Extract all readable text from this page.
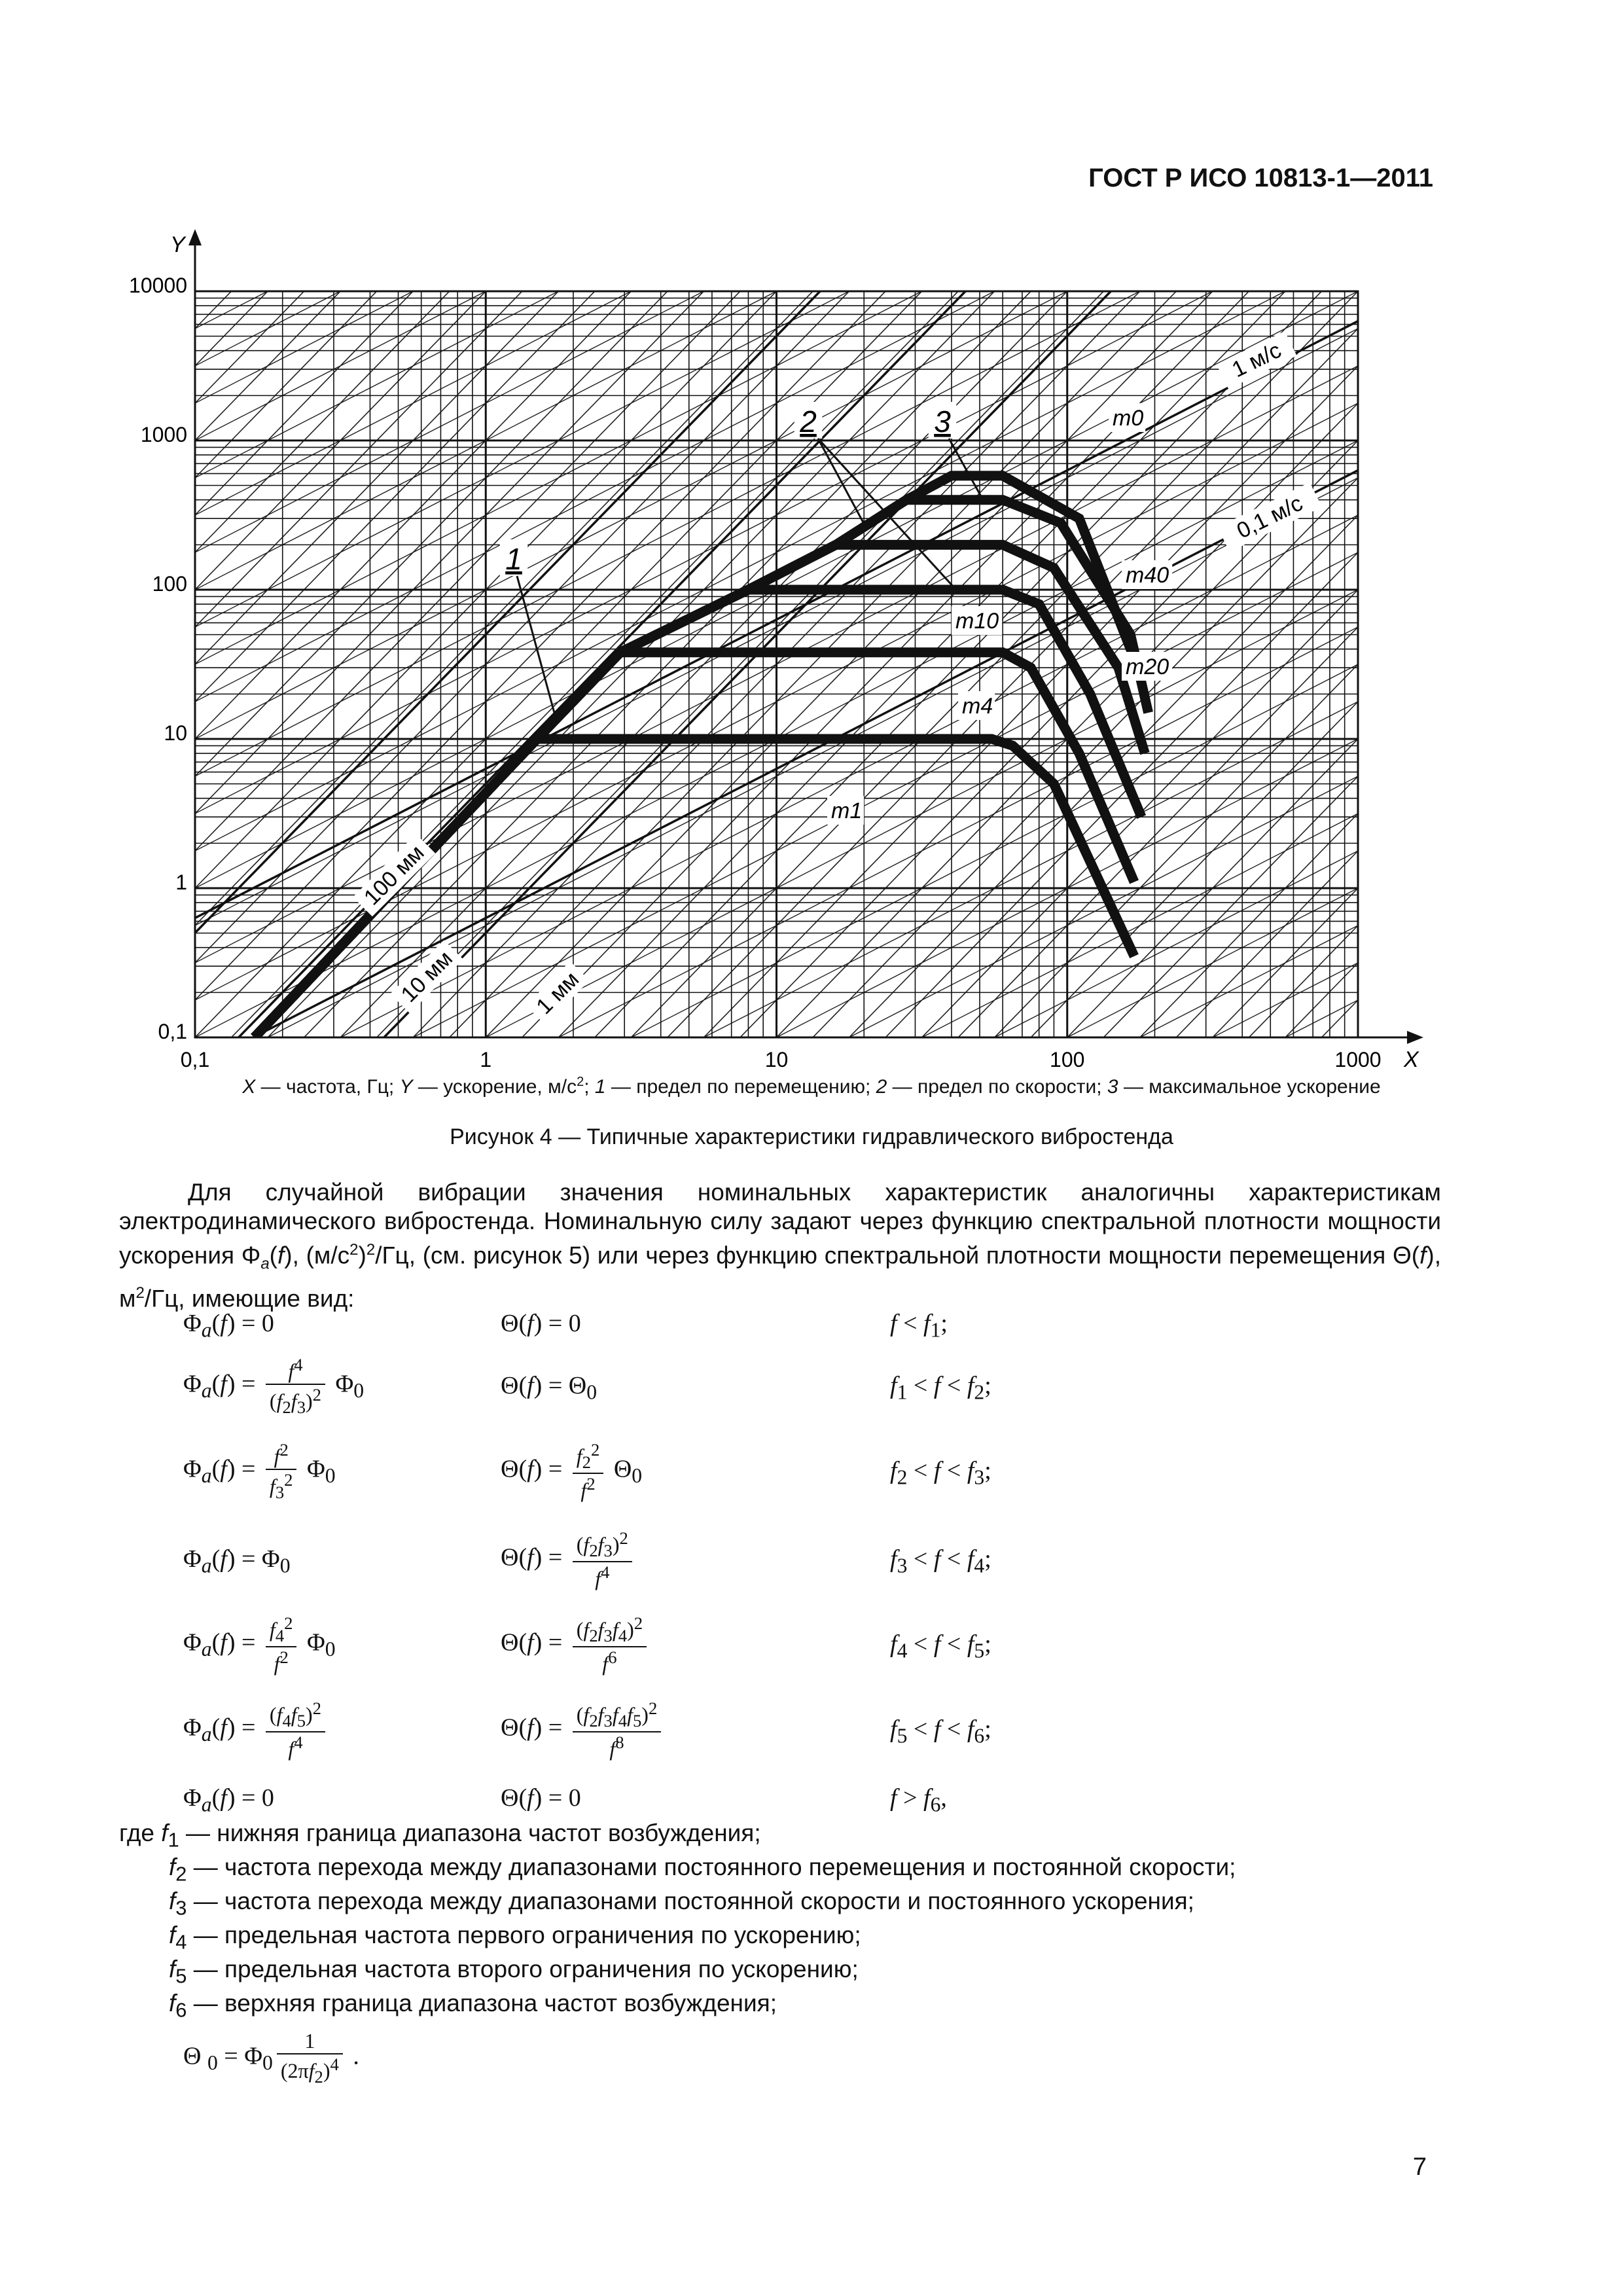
ГОСТ Р ИСО 10813-1—2011
X
Y
0,1	1	10	100	1000
0,1
1
10
100
1000
10000
1
2	3	m0
m1
m4
m10
m20
m40
1 м/с
0,1 м/с
100 мм
10 мм	1 мм
X — частота, Гц; Y — ускорение, $м/с^2$; 1 — предел по перемещению; 2 — предел по скорости; 3 — максимальное ускорение
Рисунок 4 — Типичные характеристики гидравлического вибростенда
Для случайной вибрации значения номинальных характеристик аналогичны характеристикам электродинамического вибростенда. Номинальную силу задают через функцию спектральной плотности мощности ускорения $\Phi_a(f)$, $(м/с^2)^2/Гц$, (см. рисунок 5) или через функцию спектральной плотности мощности перемещения Θ(f), $м^2/Гц$, имеющие вид:
$\Phi_a(f) = 0$	Θ(f) = 0	$f < f_1$;
$\Phi_a(f) = \frac{f^4}{(f_2f_3)^2} \Phi_0$	$\Theta(f) = \Theta_0$	$f_1 < f < f_2$;
$\Phi_a(f) = \frac{f^2}{f_3^2} \Phi_0$	$\Theta(f) = \frac{f_2^2}{f^2} \Theta_0$	$f_2 < f < f_3$;
$\Phi_a(f) = \Phi_0$	$\Theta(f) = \frac{(f_2f_3)^2}{f^4}$	$f_3 < f < f_4$;
$\Phi_a(f) = \frac{f_4^2}{f^2} \Phi_0$	$\Theta(f) = \frac{(f_2f_3f_4)^2}{f^6}$	$f_4 < f < f_5$;
$\Phi_a(f) = \frac{(f_4f_5)^2}{f^4}$	$\Theta(f) = \frac{(f_2f_3f_4f_5)^2}{f^8}$	$f_5 < f < f_6$;
$\Phi_a(f) = 0$	Θ(f) = 0	$f > f_6$,
где $f_1$ — нижняя граница диапазона частот возбуждения;
$f_2$ — частота перехода между диапазонами постоянного перемещения и постоянной скорости;
$f_3$ — частота перехода между диапазонами постоянной скорости и постоянного ускорения;
$f_4$ — предельная частота первого ограничения по ускорению;
$f_5$ — предельная частота второго ограничения по ускорению;
$f_6$ — верхняя граница диапазона частот возбуждения;
Θ $_0 = \Phi_0 \frac{1}{(2\pi f_2)^4}$ .
7
